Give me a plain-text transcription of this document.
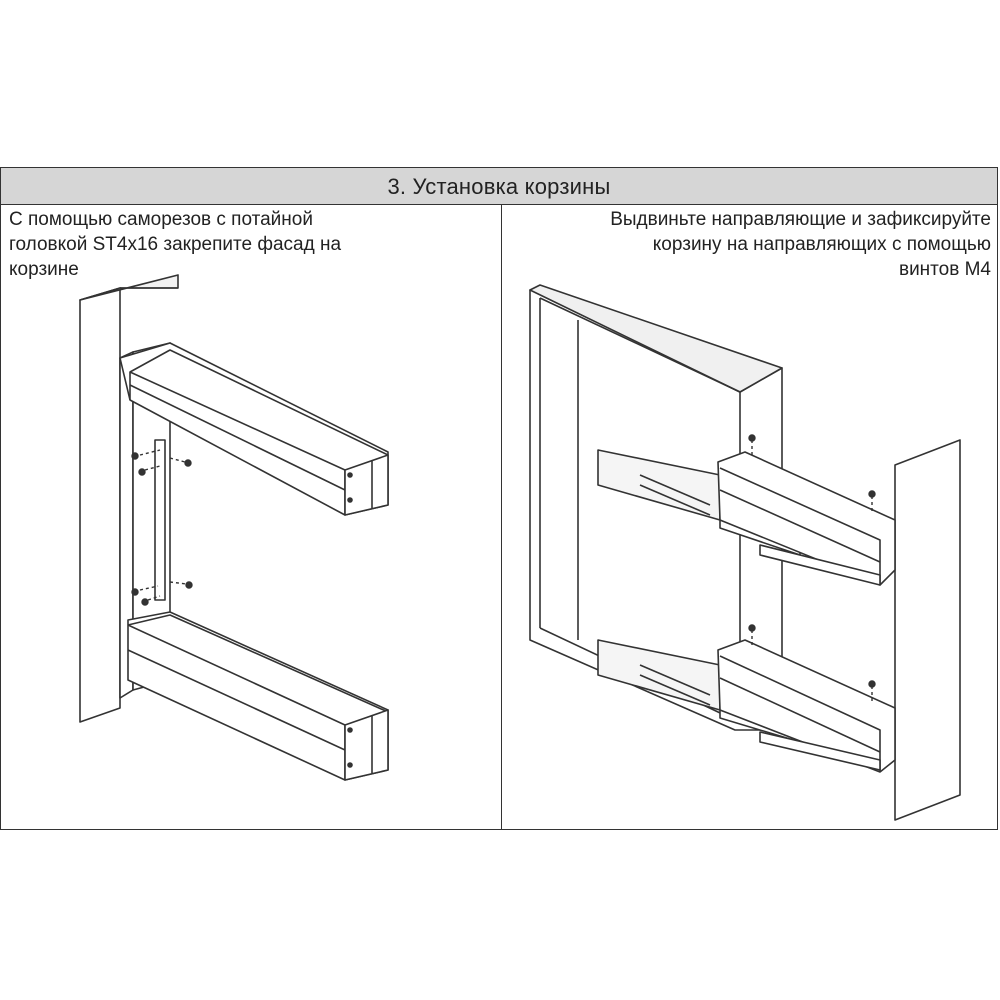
3. Установка корзины
С помощью саморезов с потайной
головкой ST4x16 закрепите фасад на
корзине
Выдвиньте направляющие и зафиксируйте
корзину на направляющих с помощью
винтов М4
